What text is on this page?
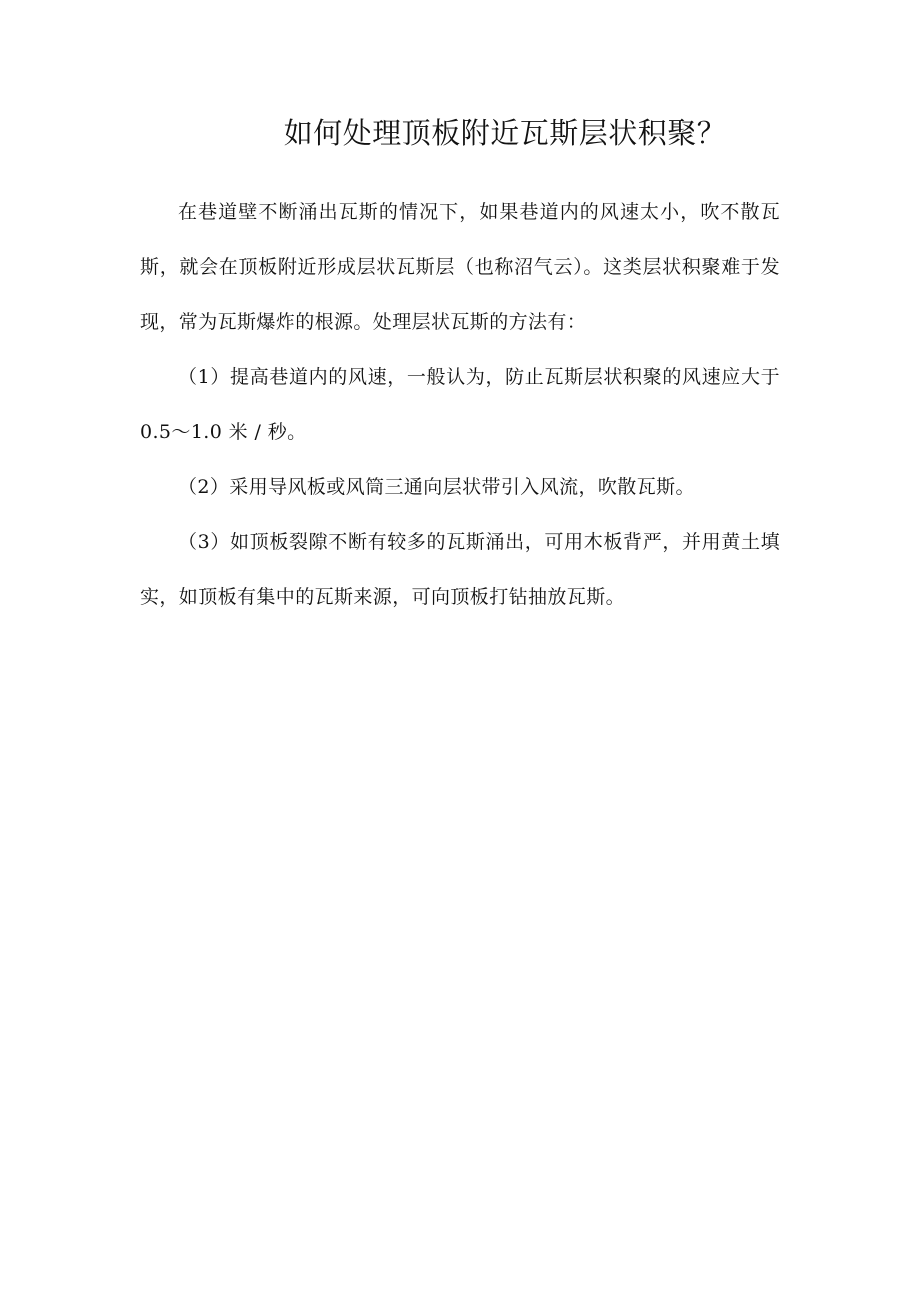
如何处理顶板附近瓦斯层状积聚？

在巷道壁不断涌出瓦斯的情况下，如果巷道内的风速太小，吹不散瓦斯，就会在顶板附近形成层状瓦斯层（也称沼气云）。这类层状积聚难于发现，常为瓦斯爆炸的根源。处理层状瓦斯的方法有：

（1）提高巷道内的风速，一般认为，防止瓦斯层状积聚的风速应大于 0.5～1.0 米 / 秒。

（2）采用导风板或风筒三通向层状带引入风流，吹散瓦斯。

（3）如顶板裂隙不断有较多的瓦斯涌出，可用木板背严，并用黄土填实，如顶板有集中的瓦斯来源，可向顶板打钻抽放瓦斯。
